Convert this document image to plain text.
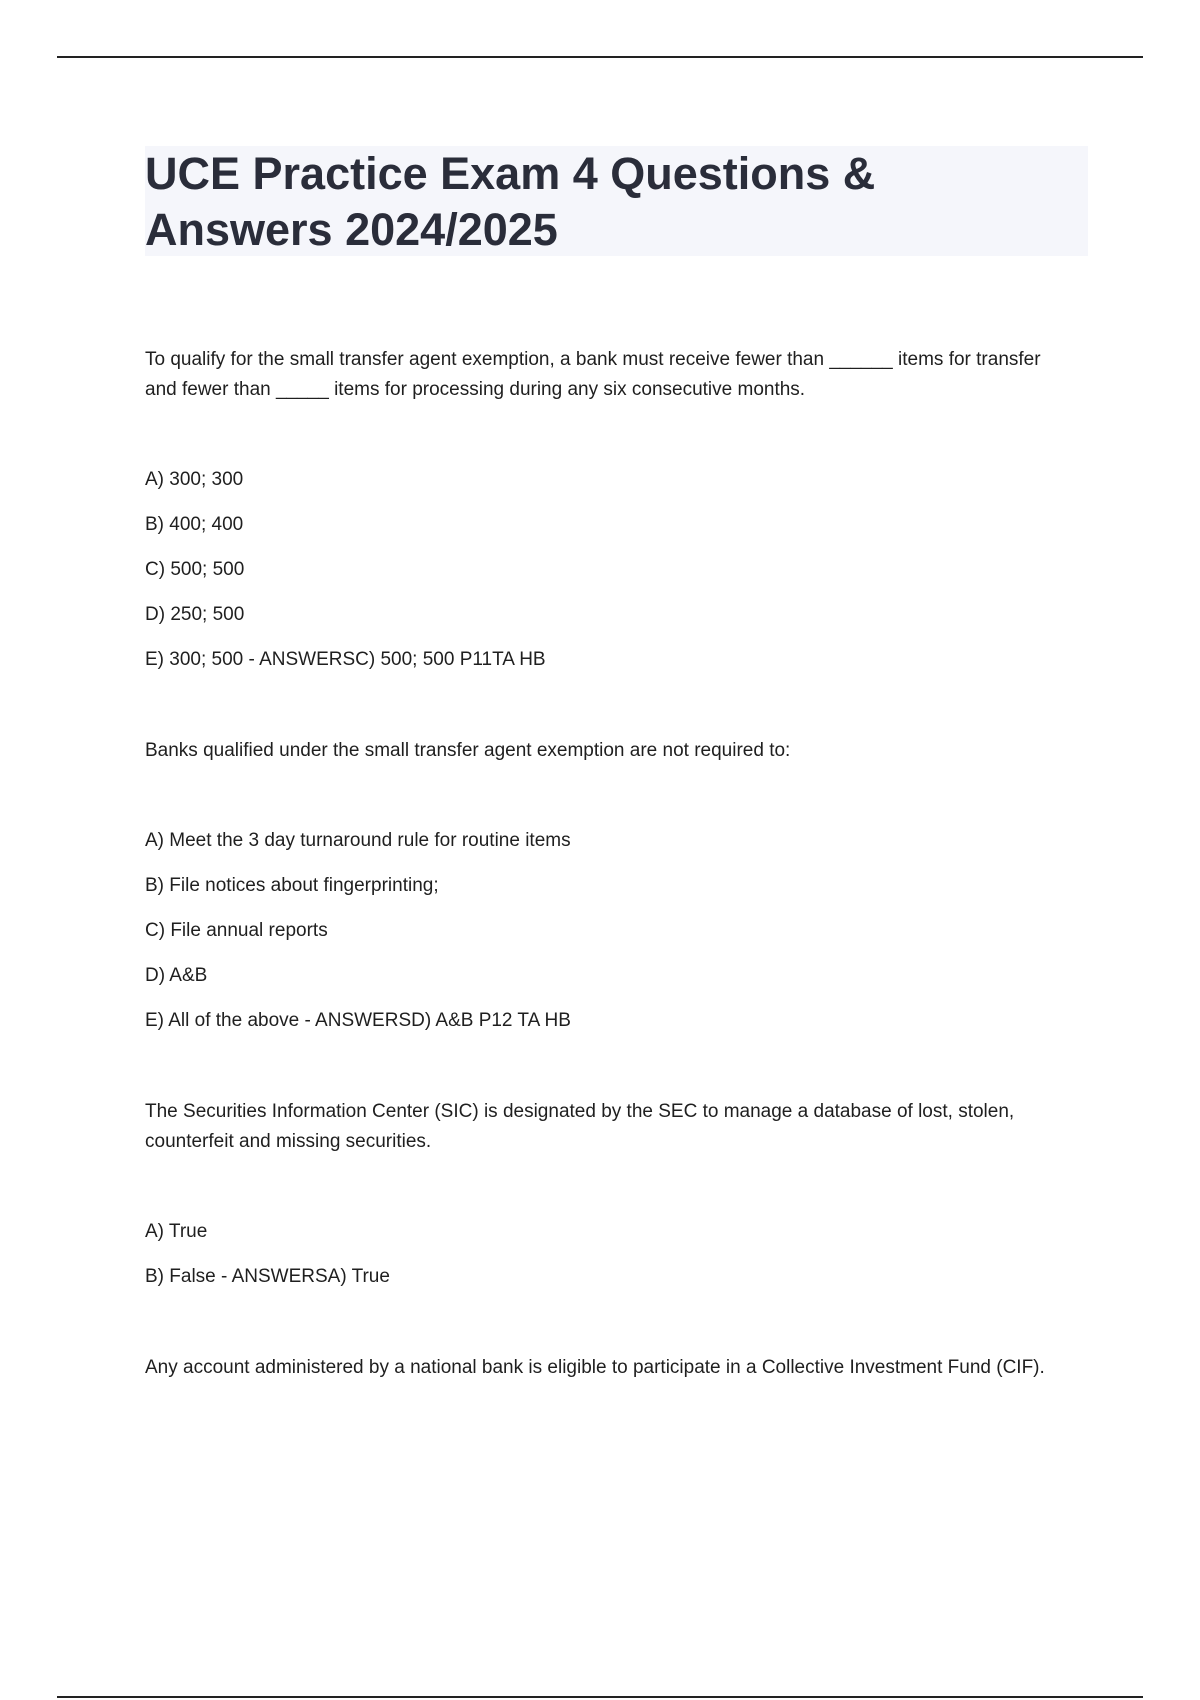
UCE Practice Exam 4 Questions & Answers 2024/2025

To qualify for the small transfer agent exemption, a bank must receive fewer than ______ items for transfer and fewer than _____ items for processing during any six consecutive months.

A) 300; 300

B) 400; 400

C) 500; 500

D) 250; 500

E) 300; 500 - ANSWERSC) 500; 500 P11TA HB

Banks qualified under the small transfer agent exemption are not required to:

A) Meet the 3 day turnaround rule for routine items

B) File notices about fingerprinting;

C) File annual reports

D) A&B

E) All of the above - ANSWERSD) A&B P12 TA HB

The Securities Information Center (SIC) is designated by the SEC to manage a database of lost, stolen, counterfeit and missing securities.

A) True

B) False - ANSWERSA) True

Any account administered by a national bank is eligible to participate in a Collective Investment Fund (CIF).
